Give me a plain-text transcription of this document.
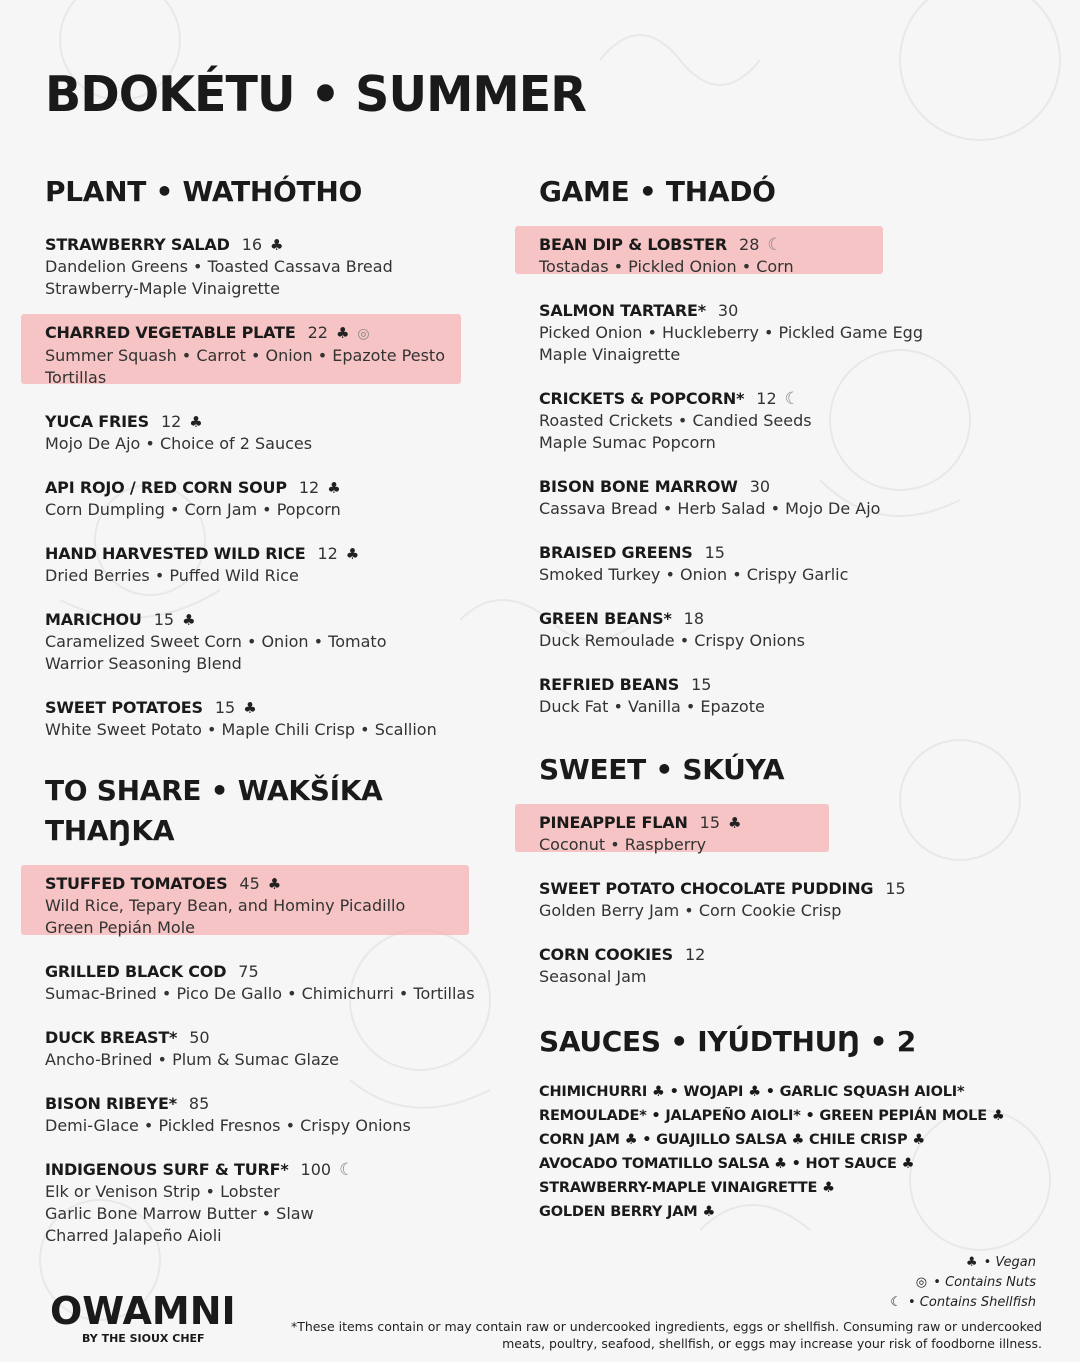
BDOKÉTU • SUMMER
PLANT • WATHÓTHO
STRAWBERRY SALAD 16 ♣
Dandelion Greens • Toasted Cassava Bread
Strawberry-Maple Vinaigrette
CHARRED VEGETABLE PLATE 22 ♣ ◎
Summer Squash • Carrot • Onion • Epazote Pesto
Tortillas
YUCA FRIES 12 ♣
Mojo De Ajo • Choice of 2 Sauces
API ROJO / RED CORN SOUP 12 ♣
Corn Dumpling • Corn Jam • Popcorn
HAND HARVESTED WILD RICE 12 ♣
Dried Berries • Puffed Wild Rice
MARICHOU 15 ♣
Caramelized Sweet Corn • Onion • Tomato
Warrior Seasoning Blend
SWEET POTATOES 15 ♣
White Sweet Potato • Maple Chili Crisp • Scallion
TO SHARE • WAKŠÍKA
THAŊKA
STUFFED TOMATOES 45 ♣
Wild Rice, Tepary Bean, and Hominy Picadillo
Green Pepián Mole
GRILLED BLACK COD 75
Sumac-Brined • Pico De Gallo • Chimichurri • Tortillas
DUCK BREAST* 50
Ancho-Brined • Plum & Sumac Glaze
BISON RIBEYE* 85
Demi-Glace • Pickled Fresnos • Crispy Onions
INDIGENOUS SURF & TURF* 100 ☾
Elk or Venison Strip • Lobster
Garlic Bone Marrow Butter • Slaw
Charred Jalapeño Aioli
GAME • THADÓ
BEAN DIP & LOBSTER 28 ☾
Tostadas • Pickled Onion • Corn
SALMON TARTARE* 30
Picked Onion • Huckleberry • Pickled Game Egg
Maple Vinaigrette
CRICKETS & POPCORN* 12 ☾
Roasted Crickets • Candied Seeds
Maple Sumac Popcorn
BISON BONE MARROW 30
Cassava Bread • Herb Salad • Mojo De Ajo
BRAISED GREENS 15
Smoked Turkey • Onion • Crispy Garlic
GREEN BEANS* 18
Duck Remoulade • Crispy Onions
REFRIED BEANS 15
Duck Fat • Vanilla • Epazote
SWEET • SKÚYA
PINEAPPLE FLAN 15 ♣
Coconut • Raspberry
SWEET POTATO CHOCOLATE PUDDING 15
Golden Berry Jam • Corn Cookie Crisp
CORN COOKIES 12
Seasonal Jam
SAUCES • IYÚDTHUŊ • 2
CHIMICHURRI ♣ • WOJAPI ♣ • GARLIC SQUASH AIOLI*
REMOULADE* • JALAPEÑO AIOLI* • GREEN PEPIÁN MOLE ♣
CORN JAM ♣ • GUAJILLO SALSA ♣ CHILE CRISP ♣
AVOCADO TOMATILLO SALSA ♣ • HOT SAUCE ♣
STRAWBERRY-MAPLE VINAIGRETTE ♣
GOLDEN BERRY JAM ♣
♣ • Vegan
◎ • Contains Nuts
☾ • Contains Shellfish
OWAMNI
BY THE SIOUX CHEF
*These items contain or may contain raw or undercooked ingredients, eggs or shellfish. Consuming raw or undercooked
meats, poultry, seafood, shellfish, or eggs may increase your risk of foodborne illness.
